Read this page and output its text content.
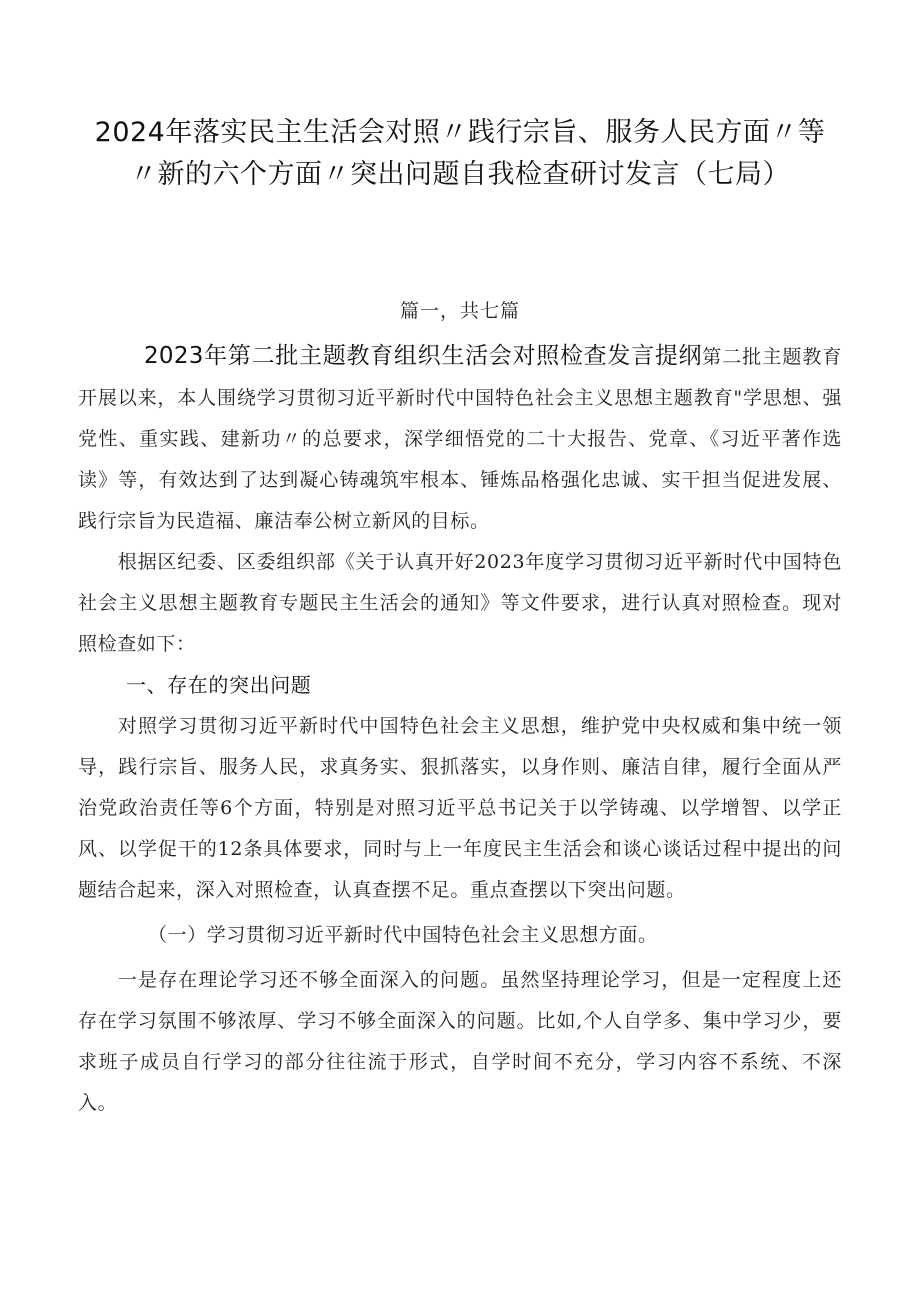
2024年落实民主生活会对照〃践行宗旨、服务人民方面〃等〃新的六个方面〃突出问题自我检查研讨发言（七局）
篇一，共七篇

2023年第二批主题教育组织生活会对照检查发言提纲第二批主题教育开展以来，本人围绕学习贯彻习近平新时代中国特色社会主义思想主题教育"学思想、强党性、重实践、建新功〃的总要求，深学细悟党的二十大报告、党章、《习近平著作选读》等，有效达到了达到凝心铸魂筑牢根本、锤炼品格强化忠诚、实干担当促进发展、践行宗旨为民造福、廉洁奉公树立新风的目标。

根据区纪委、区委组织部《关于认真开好2023年度学习贯彻习近平新时代中国特色社会主义思想主题教育专题民主生活会的通知》等文件要求，进行认真对照检查。现对照检查如下：

一、存在的突出问题

对照学习贯彻习近平新时代中国特色社会主义思想，维护党中央权威和集中统一领导，践行宗旨、服务人民，求真务实、狠抓落实，以身作则、廉洁自律，履行全面从严治党政治责任等6个方面，特别是对照习近平总书记关于以学铸魂、以学增智、以学正风、以学促干的12条具体要求，同时与上一年度民主生活会和谈心谈话过程中提出的问题结合起来，深入对照检查，认真查摆不足。重点查摆以下突出问题。

（一）学习贯彻习近平新时代中国特色社会主义思想方面。

一是存在理论学习还不够全面深入的问题。虽然坚持理论学习，但是一定程度上还存在学习氛围不够浓厚、学习不够全面深入的问题。比如,个人自学多、集中学习少，要求班子成员自行学习的部分往往流于形式，自学时间不充分，学习内容不系统、不深入。
